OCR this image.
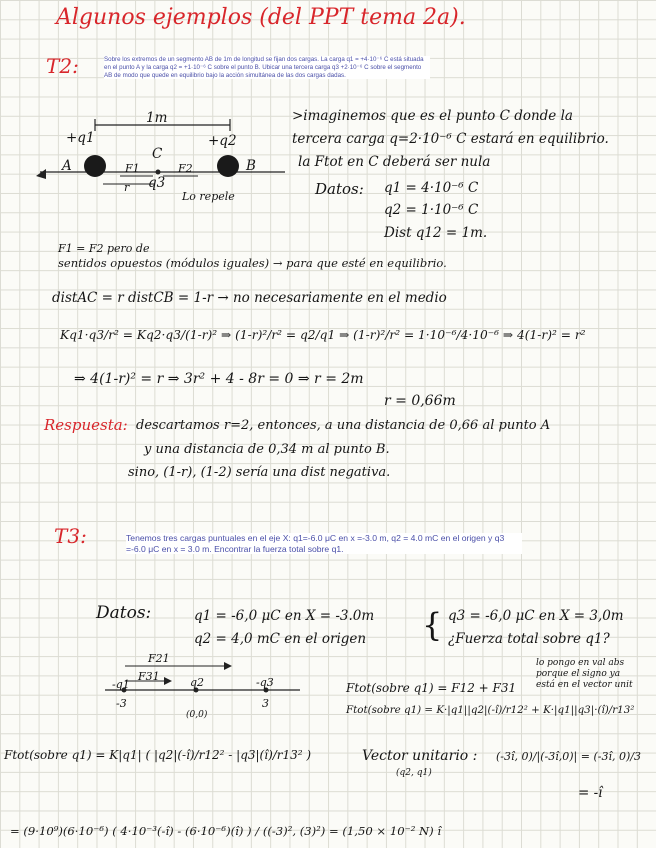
Algunos ejemplos (del PPT tema 2a).
T2:	Sobre los extremos de un segmento AB de 1m de longitud se fijan dos cargas. La carga q1 = +4·10⁻⁶ C está situada en el punto A y la carga q2 = +1·10⁻⁶ C sobre el punto B. Ubicar una tercera carga q3 +2·10⁻⁶ C sobre el segmento AB de modo que quede en equilibrio bajo la acción simultánea de las dos cargas dadas.
1m
+q1	+q2
A	B
C
F1	F2
q3
r
Lo repele
>imaginemos que es el punto C donde la
tercera carga q=2·10⁻⁶ C estará en equilibrio.
la Ftot en C deberá ser nula
Datos: q1 = 4·10⁻⁶ C
q2 = 1·10⁻⁶ C
Dist q12 = 1m.
F1 = F2 pero de
sentidos opuestos (módulos iguales) → para que esté en equilibrio.
distAC = r distCB = 1-r → no necesariamente en el medio
Kq1·q3/r² = Kq2·q3/(1-r)² ⇒ (1-r)²/r² = q2/q1 ⇒ (1-r)²/r² = 1·10⁻⁶/4·10⁻⁶ ⇒ 4(1-r)² = r²
⇒ 4(1-r)² = r ⇒ 3r² + 4 - 8r = 0 ⇒ r = 2m
r = 0,66m
Respuesta: descartamos r=2, entonces, a una distancia de 0,66 al punto A
y una distancia de 0,34 m al punto B.
sino, (1-r), (1-2) sería una dist negativa.
T3:	Tenemos tres cargas puntuales en el eje X: q1=-6.0 μC en x =-3.0 m, q2 = 4.0 mC en el origen y q3 =-6.0 μC en x = 3.0 m. Encontrar la fuerza total sobre q1.
Datos:	q1 = -6,0 μC en X = -3.0m
q2 = 4,0 mC en el origen { q3 = -6,0 μC en X = 3,0m
¿Fuerza total sobre q1?
F21
F31
-q1	q2	-q3
-3
(0,0)
3
lo pongo en val abs
porque el signo ya
está en el vector unit
Ftot(sobre q1) = F12 + F31
Ftot(sobre q1) = K·|q1||q2|(-î)/r12² + K·|q1||q3|·(î)/r13²
Ftot(sobre q1) = K|q1| ( |q2|(-î)/r12² - |q3|(î)/r13² )	Vector unitario :
(q2, q1)
(-3î, 0)/|(-3î,0)| = (-3î, 0)/3
= -î
= (9·10⁹)(6·10⁻⁶) ( 4·10⁻³(-î) - (6·10⁻⁶)(î) ) / ((-3)², (3)²) = (1,50 × 10⁻² N) î
